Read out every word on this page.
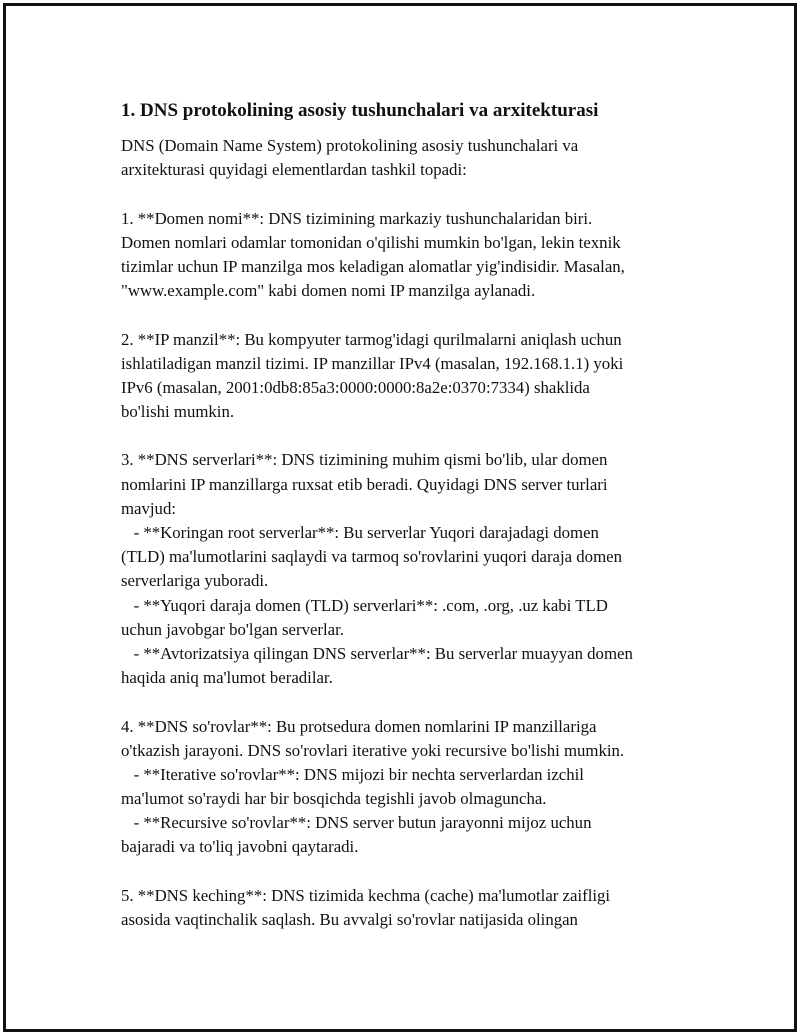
1. DNS protokolining asosiy tushunchalari va arxitekturasi
DNS (Domain Name System) protokolining asosiy tushunchalari va
arxitekturasi quyidagi elementlardan tashkil topadi:
1. **Domen nomi**: DNS tizimining markaziy tushunchalaridan biri.
Domen nomlari odamlar tomonidan o'qilishi mumkin bo'lgan, lekin texnik
tizimlar uchun IP manzilga mos keladigan alomatlar yig'indisidir. Masalan,
"www.example.com" kabi domen nomi IP manzilga aylanadi.
2. **IP manzil**: Bu kompyuter tarmog'idagi qurilmalarni aniqlash uchun
ishlatiladigan manzil tizimi. IP manzillar IPv4 (masalan, 192.168.1.1) yoki
IPv6 (masalan, 2001:0db8:85a3:0000:0000:8a2e:0370:7334) shaklida
bo'lishi mumkin.
3. **DNS serverlari**: DNS tizimining muhim qismi bo'lib, ular domen
nomlarini IP manzillarga ruxsat etib beradi. Quyidagi DNS server turlari
mavjud:
- **Koringan root serverlar**: Bu serverlar Yuqori darajadagi domen
(TLD) ma'lumotlarini saqlaydi va tarmoq so'rovlarini yuqori daraja domen
serverlariga yuboradi.
- **Yuqori daraja domen (TLD) serverlari**: .com, .org, .uz kabi TLD
uchun javobgar bo'lgan serverlar.
- **Avtorizatsiya qilingan DNS serverlar**: Bu serverlar muayyan domen
haqida aniq ma'lumot beradilar.
4. **DNS so'rovlar**: Bu protsedura domen nomlarini IP manzillariga
o'tkazish jarayoni. DNS so'rovlari iterative yoki recursive bo'lishi mumkin.
- **Iterative so'rovlar**: DNS mijozi bir nechta serverlardan izchil
ma'lumot so'raydi har bir bosqichda tegishli javob olmaguncha.
- **Recursive so'rovlar**: DNS server butun jarayonni mijoz uchun
bajaradi va to'liq javobni qaytaradi.
5. **DNS keching**: DNS tizimida kechma (cache) ma'lumotlar zaifligi
asosida vaqtinchalik saqlash. Bu avvalgi so'rovlar natijasida olingan
